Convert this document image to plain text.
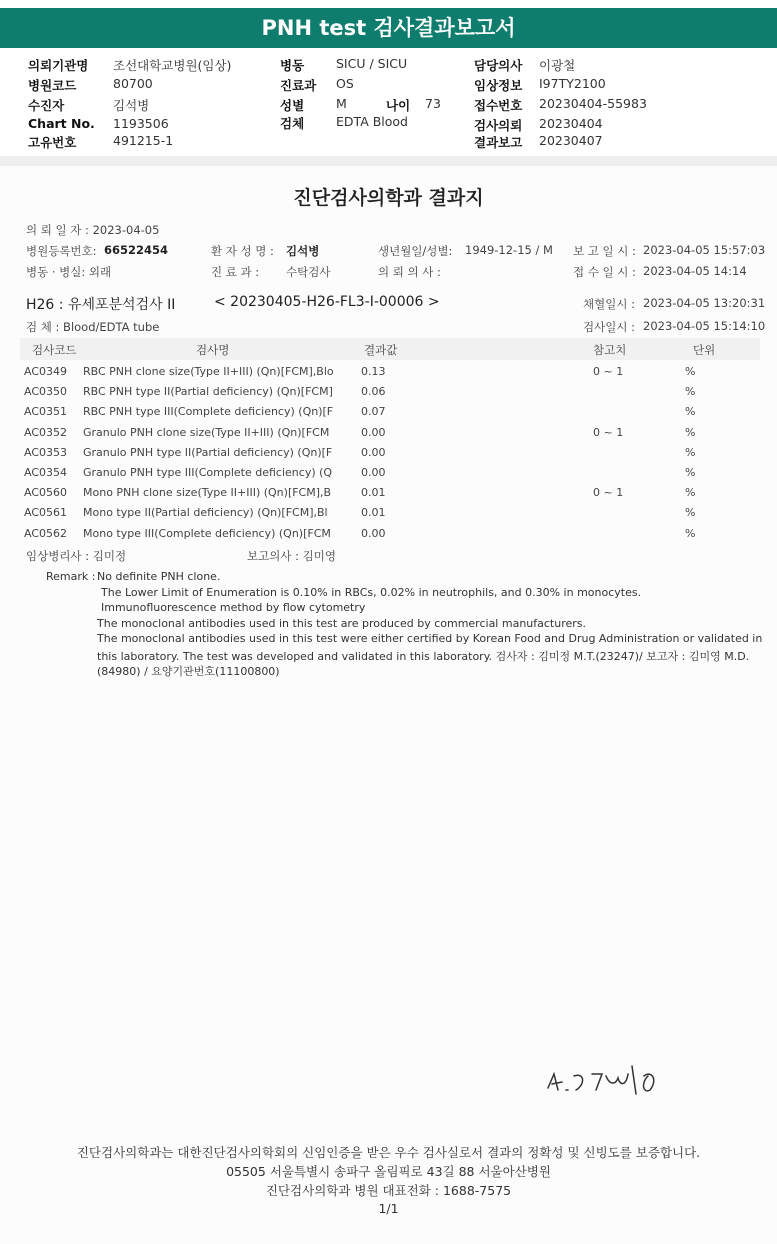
PNH test 검사결과보고서
의뢰기관명 조선대학교병원(임상)
병원코드	80700
수진자	김석병
Chart No. 1193506
고유번호	491215-1
병동	SICU / SICU
진료과 OS
성별	M	나이 73
검체	EDTA Blood
담당의사 이광철
임상정보 I97TY2100
접수번호 20230404-55983
검사의뢰 20230404
결과보고 20230407
진단검사의학과 결과지
의 뢰 일 자 : 2023-04-05
병원등록번호: 66522454	환 자 성 명 : 김석병	생년월일/성별: 1949-12-15 / M 보 고 일 시 : 2023-04-05 15:57:03
병동 · 병실: 외래	진 료 과 : 수탁검사	의 뢰 의 사 :	접 수 일 시 : 2023-04-05 14:14
H26 : 유세포분석검사 II	< 20230405-H26-FL3-I-00006 >	채혈일시 : 2023-04-05 13:20:31
검 체 : Blood/EDTA tube	검사일시 : 2023-04-05 15:14:10
검사코드	검사명	결과값	참고치	단위
AC0349 RBC PNH clone size(Type II+III) (Qn)[FCM],Blo 0.13	0 ~ 1	%
AC0350 RBC PNH type II(Partial deficiency) (Qn)[FCM]	0.06	%
AC0351 RBC PNH type III(Complete deficiency) (Qn)[F	0.07	%
AC0352 Granulo PNH clone size(Type II+III) (Qn)[FCM	0.00	0 ~ 1	%
AC0353 Granulo PNH type II(Partial deficiency) (Qn)[F	0.00	%
AC0354 Granulo PNH type III(Complete deficiency) (Q	0.00	%
AC0560 Mono PNH clone size(Type II+III) (Qn)[FCM],B	0.01	0 ~ 1	%
AC0561 Mono type II(Partial deficiency) (Qn)[FCM],Bl	0.01	%
AC0562 Mono type III(Complete deficiency) (Qn)[FCM	0.00	%
임상병리사 : 김미정	보고의사 : 김미영
Remark : No definite PNH clone.
The Lower Limit of Enumeration is 0.10% in RBCs, 0.02% in neutrophils, and 0.30% in monocytes.
Immunofluorescence method by flow cytometry
The monoclonal antibodies used in this test are produced by commercial manufacturers.
The monoclonal antibodies used in this test were either certified by Korean Food and Drug Administration or validated in
this laboratory. The test was developed and validated in this laboratory. 검사자 : 김미정 M.T.(23247)/ 보고자 : 김미영 M.D.
(84980) / 요양기관번호(11100800)
진단검사의학과는 대한진단검사의학회의 신임인증을 받은 우수 검사실로서 결과의 정확성 및 신빙도를 보증합니다.
05505 서울특별시 송파구 올림픽로 43길 88 서울아산병원
진단검사의학과 병원 대표전화 : 1688-7575
1/1
